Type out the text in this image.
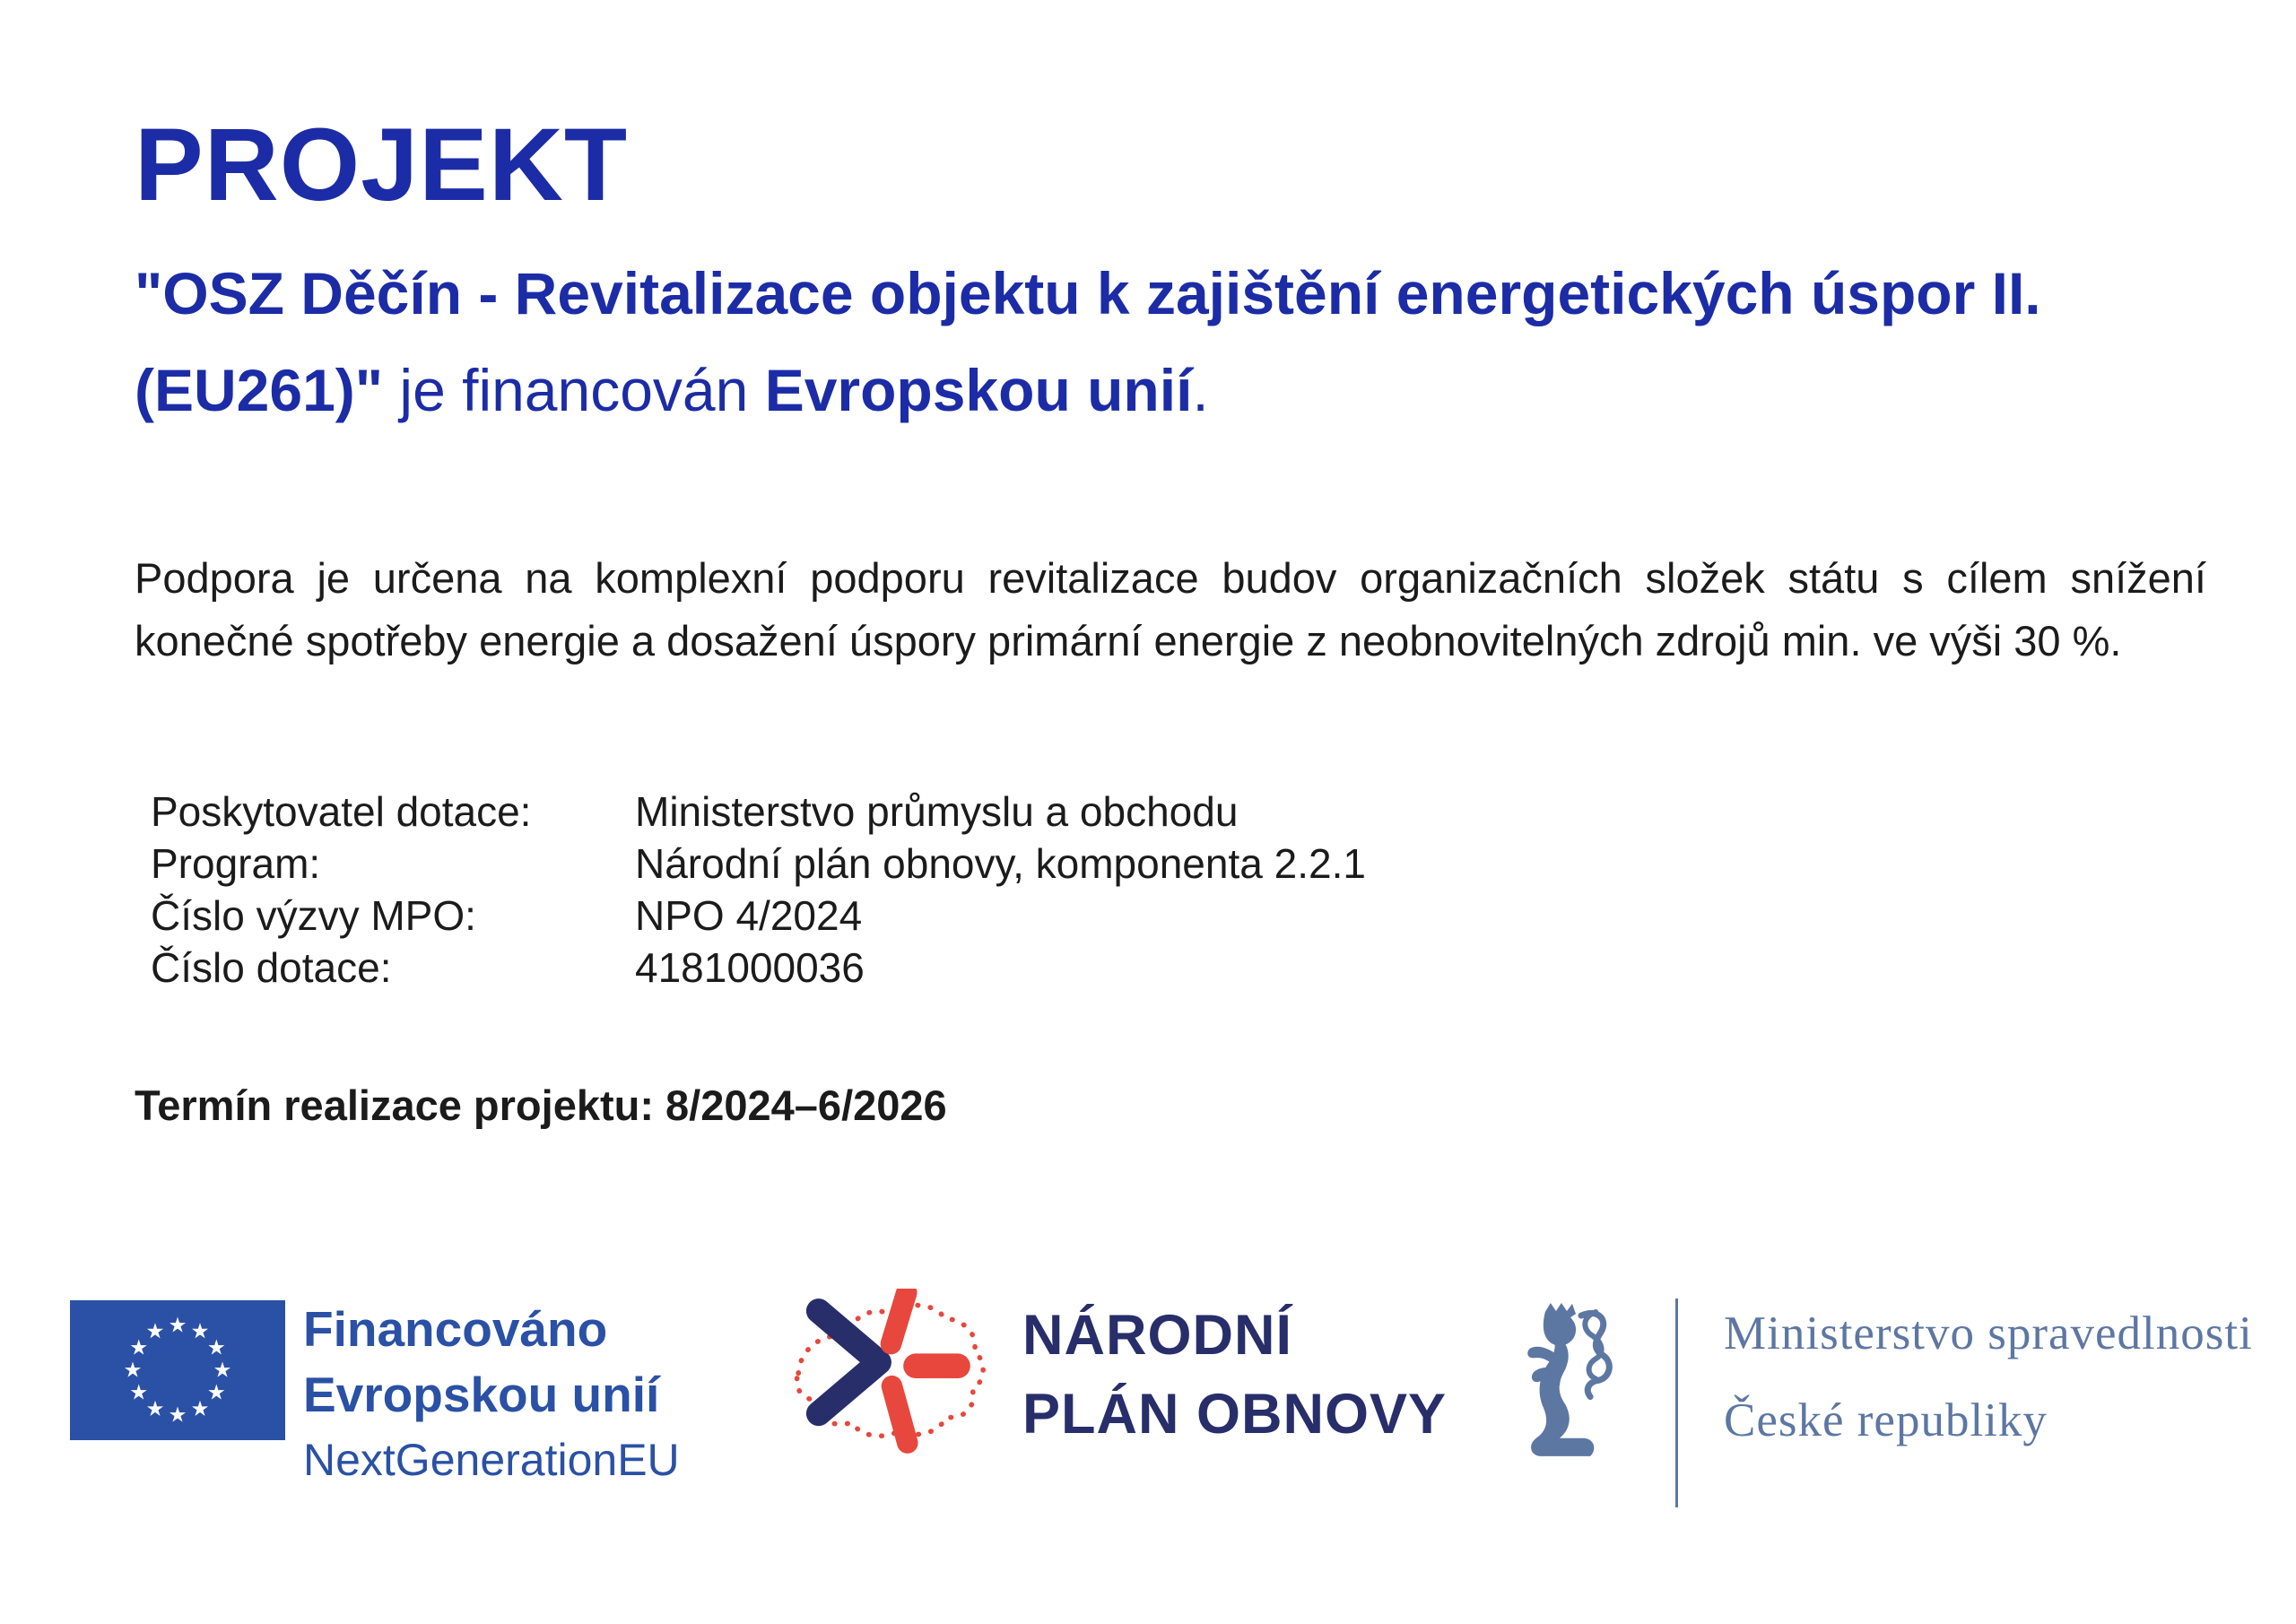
PROJEKT
"OSZ Děčín - Revitalizace objektu k zajištění energetických úspor II.
(EU261)" je financován Evropskou unií.

Podpora je určena na komplexní podporu revitalizace budov organizačních složek státu s cílem snížení konečné spotřeby energie a dosažení úspory primární energie z neobnovitelných zdrojů min. ve výši 30 %.

Poskytovatel dotace:	Ministerstvo průmyslu a obchodu
Program:	Národní plán obnovy, komponenta 2.2.1
Číslo výzvy MPO:	NPO 4/2024
Číslo dotace:	4181000036

Termín realizace projektu: 8/2024–6/2026

Financováno
Evropskou unií
NextGenerationEU
NÁRODNÍ
PLÁN OBNOVY
Ministerstvo spravedlnosti
České republiky
